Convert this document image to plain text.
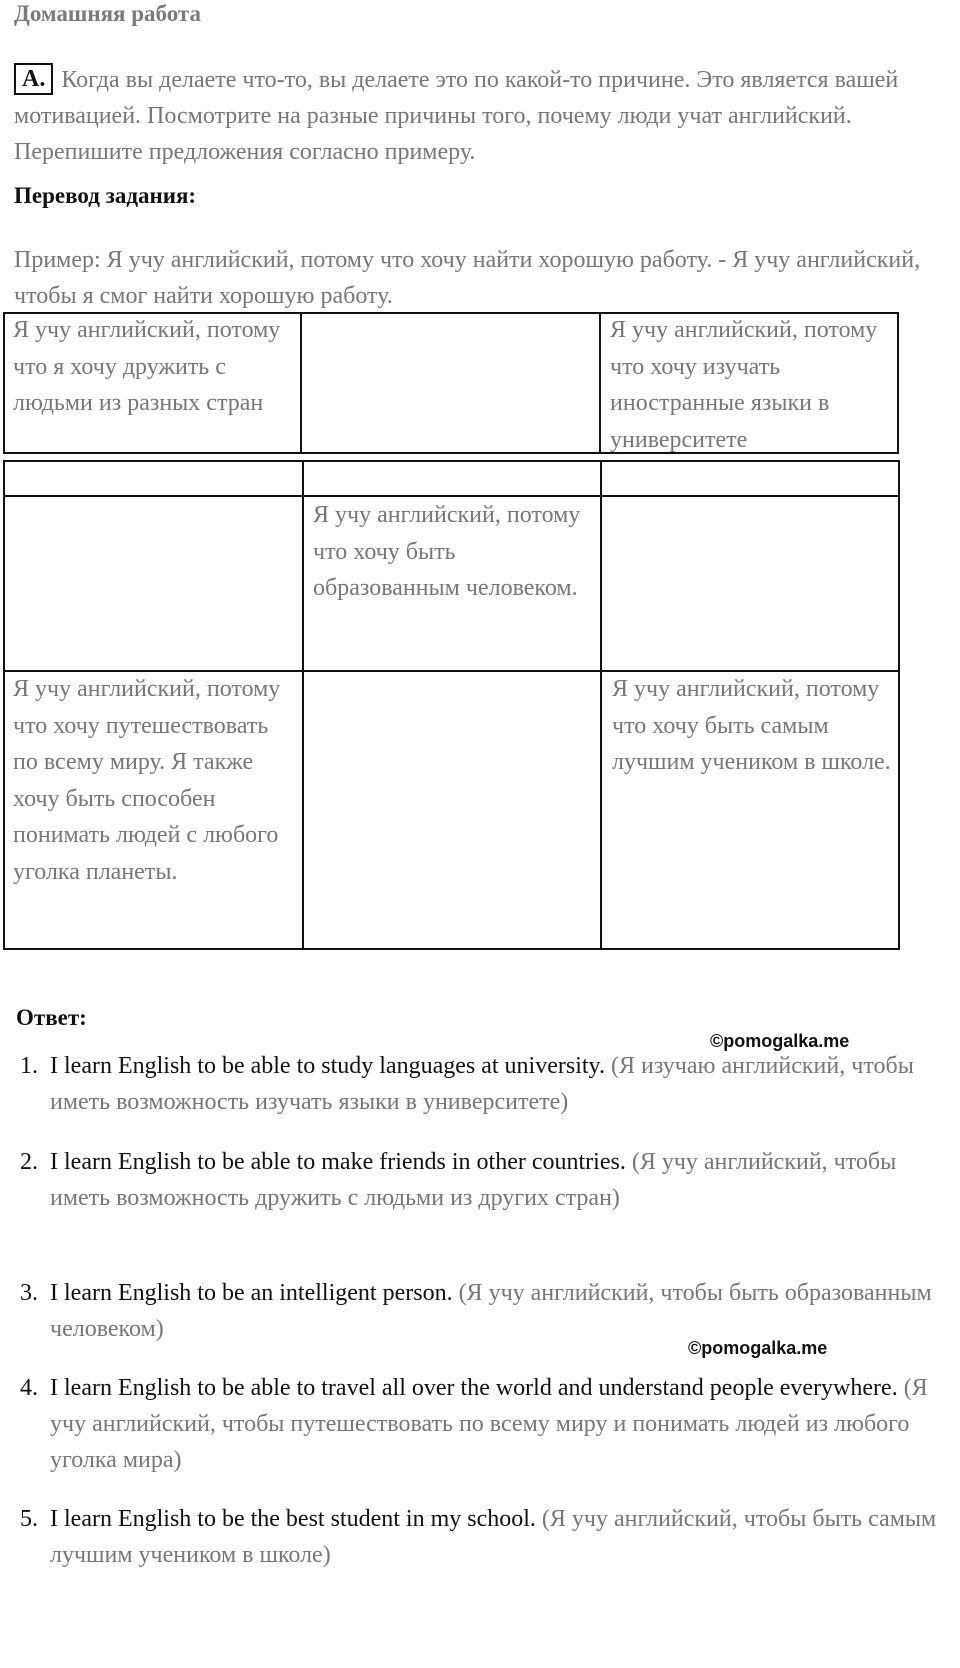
Домашняя работа
A. Когда вы делаете что-то, вы делаете это по какой-то причине. Это является вашей мотивацией. Посмотрите на разные причины того, почему люди учат английский. Перепишите предложения согласно примеру.
Перевод задания:
Пример: Я учу английский, потому что хочу найти хорошую работу. - Я учу английский, чтобы я смог найти хорошую работу.
Я учу английский, потому что я хочу дружить с людьми из разных стран
Я учу английский, потому что хочу изучать иностранные языки в университете
Я учу английский, потому что хочу быть образованным человеком.
Я учу английский, потому что хочу путешествовать по всему миру. Я также хочу быть способен понимать людей с любого уголка планеты.
Я учу английский, потому что хочу быть самым лучшим учеником в школе.
Ответ:
©pomogalka.me
1. I learn English to be able to study languages at university. (Я изучаю английский, чтобы иметь возможность изучать языки в университете)
2. I learn English to be able to make friends in other countries. (Я учу английский, чтобы иметь возможность дружить с людьми из других стран)
3. I learn English to be an intelligent person. (Я учу английский, чтобы быть образованным человеком)
©pomogalka.me
4. I learn English to be able to travel all over the world and understand people everywhere. (Я учу английский, чтобы путешествовать по всему миру и понимать людей из любого уголка мира)
5. I learn English to be the best student in my school. (Я учу английский, чтобы быть самым лучшим учеником в школе)
